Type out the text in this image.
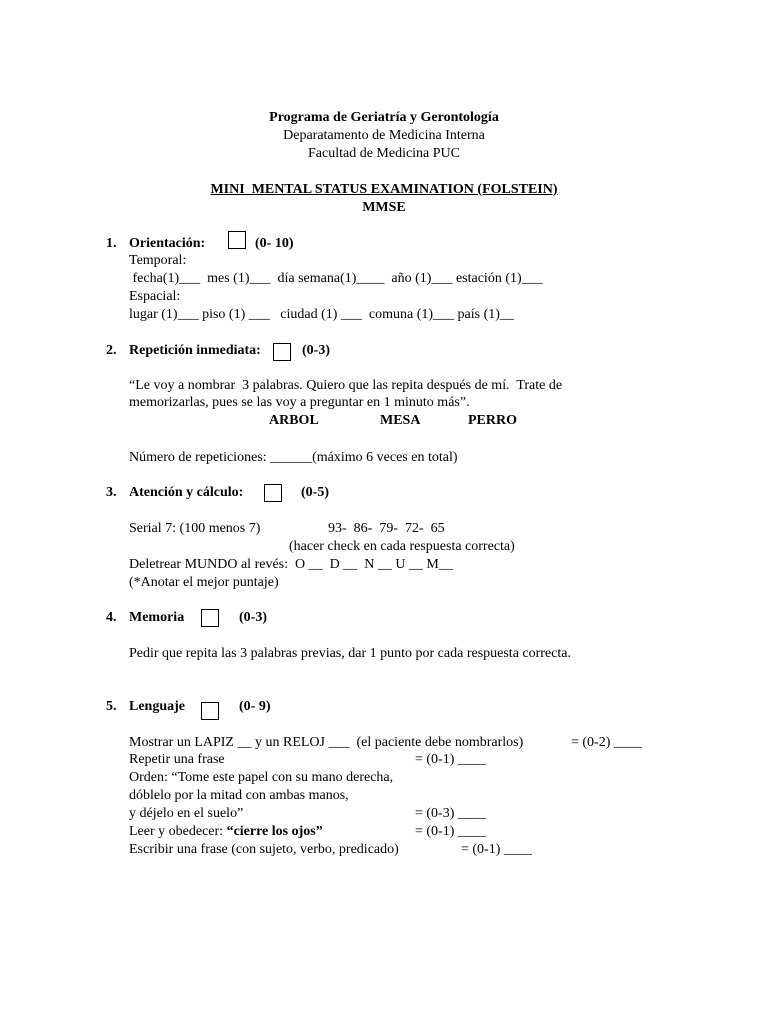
Programa de Geriatría y Gerontología
Deparatamento de Medicina Interna
Facultad de Medicina PUC
MINI  MENTAL STATUS EXAMINATION (FOLSTEIN)
MMSE
1. Orientación:	(0- 10)
Temporal:
fecha(1)___  mes (1)___  día semana(1)____  año (1)___ estación (1)___
Espacial:
lugar (1)___ piso (1) ___   ciudad (1) ___  comuna (1)___ país (1)__
2. Repetición inmediata:	(0-3)
“Le voy a nombrar  3 palabras. Quiero que las repita después de mí.  Trate de
memorizarlas, pues se las voy a preguntar en 1 minuto más”.
ARBOL	MESA	PERRO
Número de repeticiones: ______(máximo 6 veces en total)
3. Atención y cálculo:	(0-5)
Serial 7: (100 menos 7)	93-  86-  79-  72-  65
(hacer check en cada respuesta correcta)
Deletrear MUNDO al revés:  O __  D __  N __ U __ M__
(*Anotar el mejor puntaje)
4. Memoria	(0-3)
Pedir que repita las 3 palabras previas, dar 1 punto por cada respuesta correcta.
5. Lenguaje	(0- 9)
Mostrar un LAPIZ __ y un RELOJ ___  (el paciente debe nombrarlos)	= (0-2) ____
Repetir una frase	= (0-1) ____
Orden: “Tome este papel con su mano derecha,
dóblelo por la mitad con ambas manos,
y déjelo en el suelo”	= (0-3) ____
Leer y obedecer: “cierre los ojos”	= (0-1) ____
Escribir una frase (con sujeto, verbo, predicado)	= (0-1) ____
